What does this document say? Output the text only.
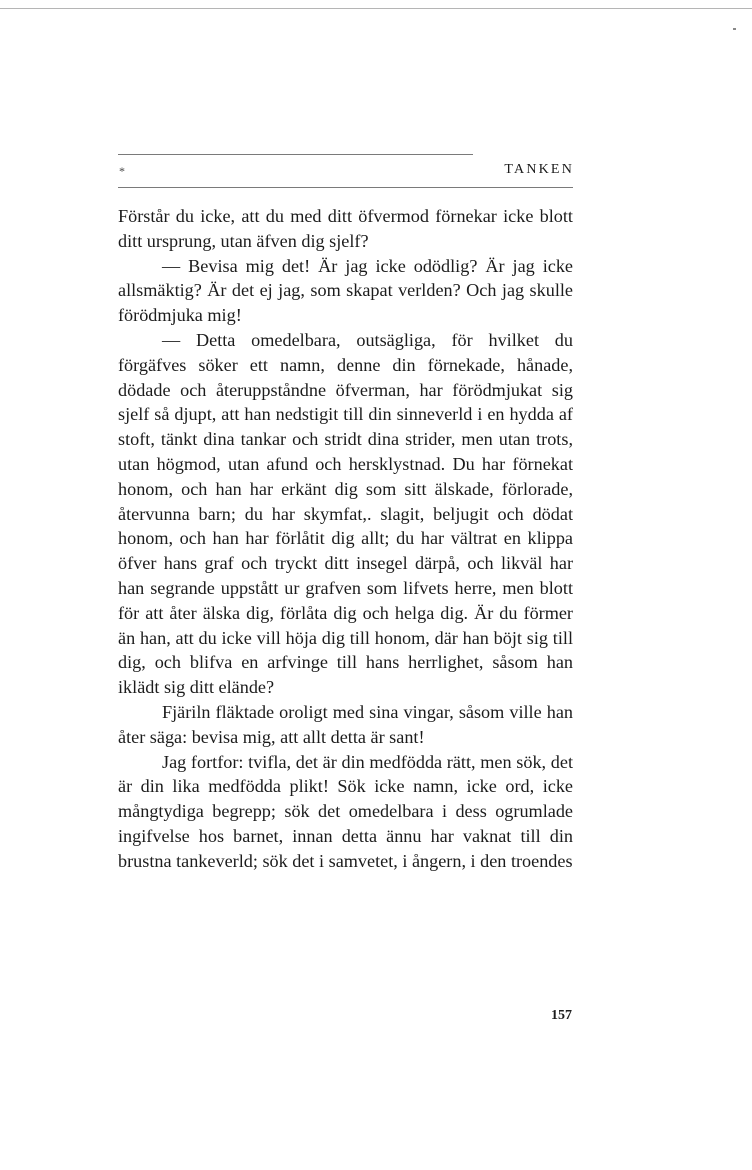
*	TANKEN

Förstår du icke, att du med ditt öfvermod förnekar icke blott ditt ursprung, utan äfven dig sjelf?

— Bevisa mig det! Är jag icke odödlig? Är jag icke allsmäktig? Är det ej jag, som skapat verlden? Och jag skulle förödmjuka mig!

— Detta omedelbara, outsägliga, för hvilket du förgäfves söker ett namn, denne din förnekade, hånade, dödade och återuppståndne öfverman, har förödmjukat sig sjelf så djupt, att han nedstigit till din sinneverld i en hydda af stoft, tänkt dina tankar och stridt dina strider, men utan trots, utan högmod, utan afund och hersklystnad. Du har förnekat honom, och han har erkänt dig som sitt älskade, förlorade, återvunna barn; du har skymfat,. slagit, beljugit och dödat honom, och han har förlåtit dig allt; du har vältrat en klippa öfver hans graf och tryckt ditt insegel därpå, och likväl har han segrande uppstått ur grafven som lifvets herre, men blott för att åter älska dig, förlåta dig och helga dig. Är du förmer än han, att du icke vill höja dig till honom, där han böjt sig till dig, och blifva en arfvinge till hans herrlighet, såsom han iklädt sig ditt elände?

Fjäriln fläktade oroligt med sina vingar, såsom ville han åter säga: bevisa mig, att allt detta är sant!

Jag fortfor: tvifla, det är din medfödda rätt, men sök, det är din lika medfödda plikt! Sök icke namn, icke ord, icke mångtydiga begrepp; sök det omedelbara i dess ogrumlade ingifvelse hos barnet, innan detta ännu har vaknat till din brustna tankeverld; sök det i samvetet, i ångern, i den troendes

157
